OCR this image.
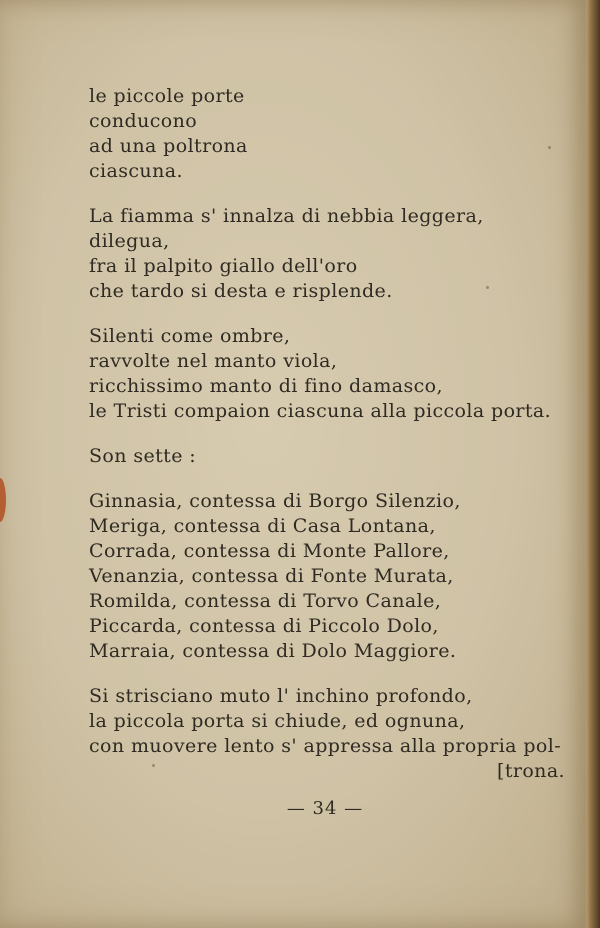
le piccole porte
conducono
ad una poltrona
ciascuna.
La fiamma s' innalza di nebbia leggera,
dilegua,
fra il palpito giallo dell'oro
che tardo si desta e risplende.
Silenti come ombre,
ravvolte nel manto viola,
ricchissimo manto di fino damasco,
le Tristi compaion ciascuna alla piccola porta.
Son sette :
Ginnasia, contessa di Borgo Silenzio,
Meriga, contessa di Casa Lontana,
Corrada, contessa di Monte Pallore,
Venanzia, contessa di Fonte Murata,
Romilda, contessa di Torvo Canale,
Piccarda, contessa di Piccolo Dolo,
Marraia, contessa di Dolo Maggiore.
Si strisciano muto l' inchino profondo,
la piccola porta si chiude, ed ognuna,
con muovere lento s' appressa alla propria pol-
[trona.
— 34 —
